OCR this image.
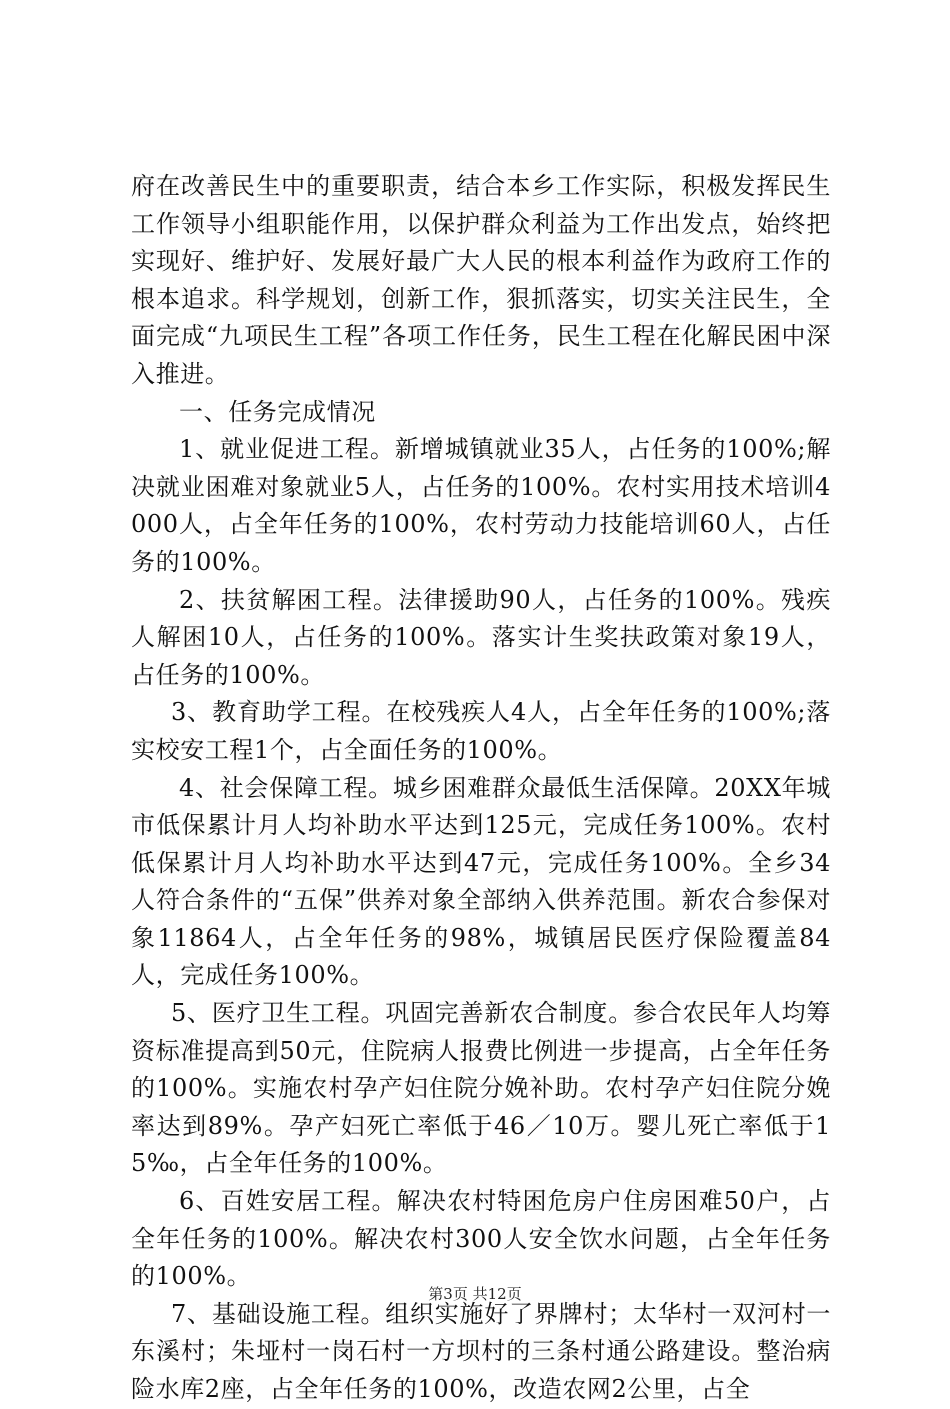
府在改善民生中的重要职责，结合本乡工作实际，积极发挥民生工作领导小组职能作用，以保护群众利益为工作出发点，始终把实现好、维护好、发展好最广大人民的根本利益作为政府工作的根本追求。科学规划，创新工作，狠抓落实，切实关注民生，全面完成“九项民生工程”各项工作任务，民生工程在化解民困中深入推进。

一、任务完成情况

1、就业促进工程。新增城镇就业35人，占任务的100%;解决就业困难对象就业5人，占任务的100%。农村实用技术培训4000人，占全年任务的100%，农村劳动力技能培训60人，占任务的100%。

2、扶贫解困工程。法律援助90人，占任务的100%。残疾人解困10人，占任务的100%。落实计生奖扶政策对象19人，占任务的100%。

3、教育助学工程。在校残疾人4人，占全年任务的100%;落实校安工程1个，占全面任务的100%。

4、社会保障工程。城乡困难群众最低生活保障。20XX年城市低保累计月人均补助水平达到125元，完成任务100%。农村低保累计月人均补助水平达到47元，完成任务100%。全乡34人符合条件的“五保”供养对象全部纳入供养范围。新农合参保对象11864人，占全年任务的98%，城镇居民医疗保险覆盖84人，完成任务100%。

5、医疗卫生工程。巩固完善新农合制度。参合农民年人均筹资标准提高到50元，住院病人报费比例进一步提高，占全年任务的100%。实施农村孕产妇住院分娩补助。农村孕产妇住院分娩率达到89%。孕产妇死亡率低于46／10万。婴儿死亡率低于15‰，占全年任务的100%。

6、百姓安居工程。解决农村特困危房户住房困难50户，占全年任务的100%。解决农村300人安全饮水问题，占全年任务的100%。

7、基础设施工程。组织实施好了界牌村；太华村一双河村一东溪村；朱垭村一岗石村一方坝村的三条村通公路建设。整治病险水库2座，占全年任务的100%，改造农网2公里，占全

第3页 共12页
